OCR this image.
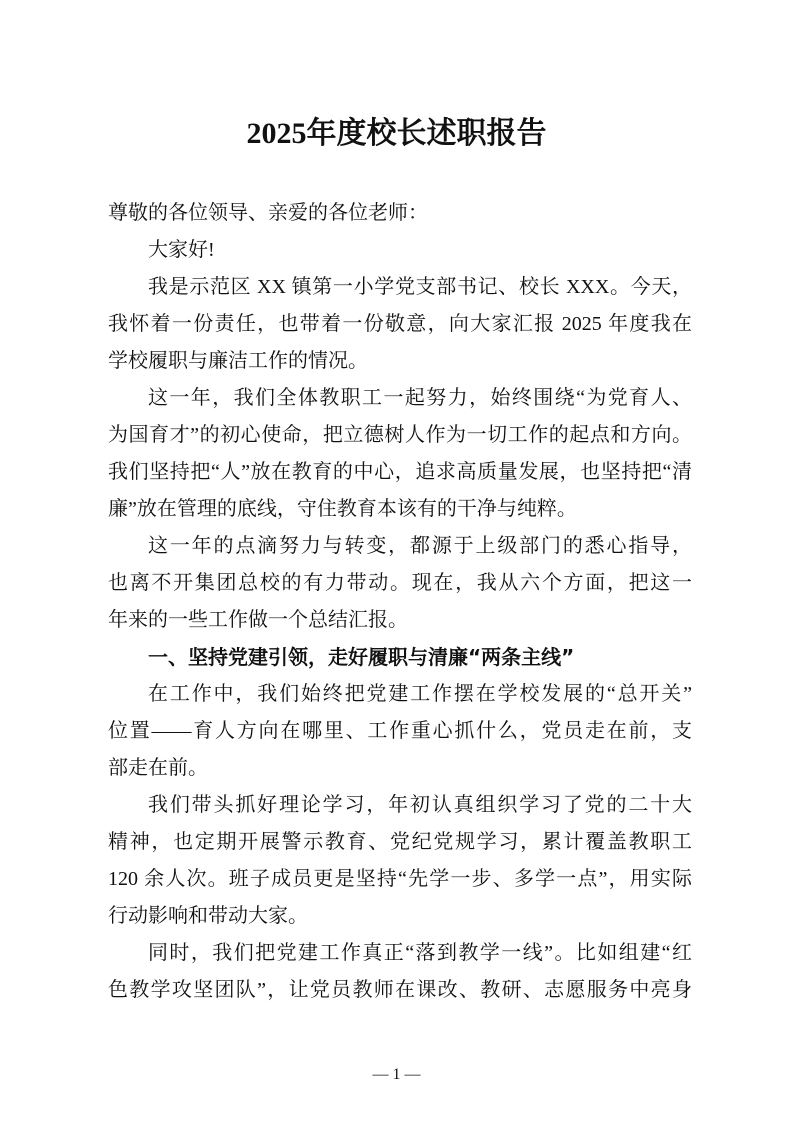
2025年度校长述职报告
尊敬的各位领导、亲爱的各位老师：
大家好!
我是示范区 XX 镇第一小学党支部书记、校长 XXX。今天，
我怀着一份责任，也带着一份敬意，向大家汇报 2025 年度我在
学校履职与廉洁工作的情况。
这一年，我们全体教职工一起努力，始终围绕“为党育人、
为国育才”的初心使命，把立德树人作为一切工作的起点和方向。
我们坚持把“人”放在教育的中心，追求高质量发展，也坚持把“清
廉”放在管理的底线，守住教育本该有的干净与纯粹。
这一年的点滴努力与转变，都源于上级部门的悉心指导，
也离不开集团总校的有力带动。现在，我从六个方面，把这一
年来的一些工作做一个总结汇报。
一、坚持党建引领，走好履职与清廉“两条主线”
在工作中，我们始终把党建工作摆在学校发展的“总开关”
位置——育人方向在哪里、工作重心抓什么，党员走在前，支
部走在前。
我们带头抓好理论学习，年初认真组织学习了党的二十大
精神，也定期开展警示教育、党纪党规学习，累计覆盖教职工
120 余人次。班子成员更是坚持“先学一步、多学一点”，用实际
行动影响和带动大家。
同时，我们把党建工作真正“落到教学一线”。比如组建“红
色教学攻坚团队”，让党员教师在课改、教研、志愿服务中亮身
— 1 —
